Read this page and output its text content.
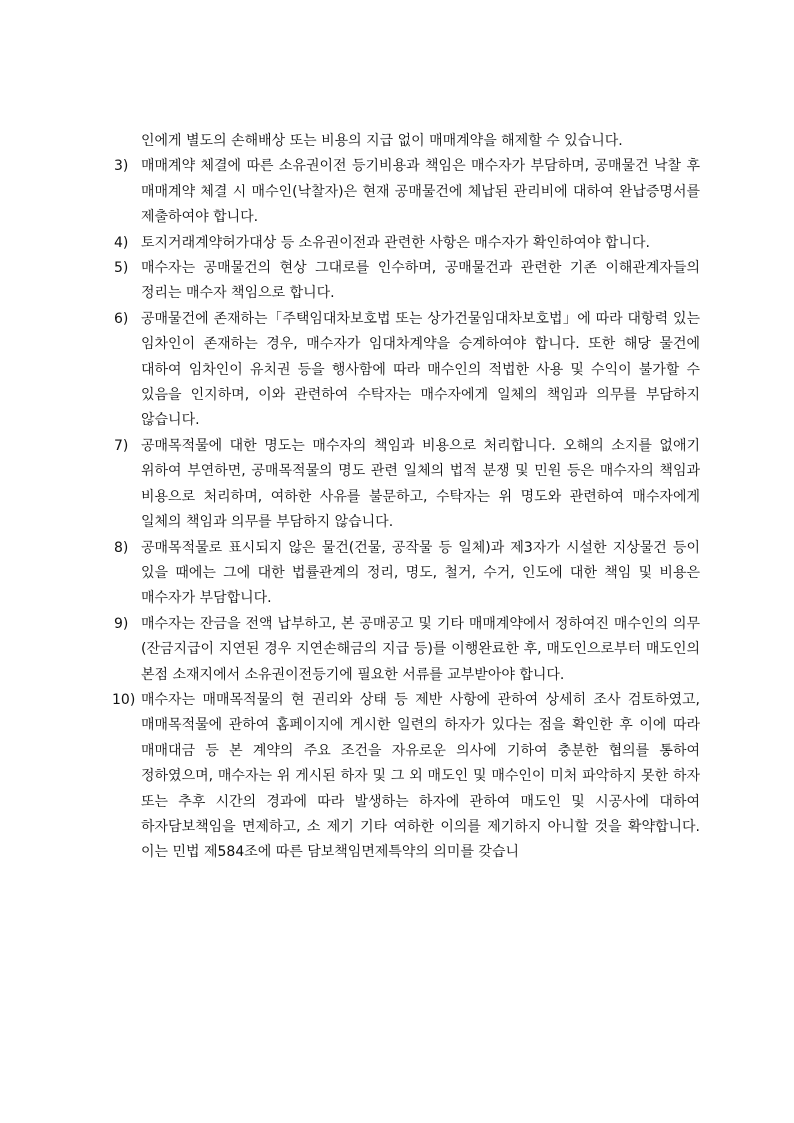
인에게 별도의 손해배상 또는 비용의 지급 없이 매매계약을 해제할 수 있습니다.
3) 매매계약 체결에 따른 소유권이전 등기비용과 책임은 매수자가 부담하며, 공매물건 낙찰 후 매매계약 체결 시 매수인(낙찰자)은 현재 공매물건에 체납된 관리비에 대하여 완납증명서를 제출하여야 합니다.
4) 토지거래계약허가대상 등 소유권이전과 관련한 사항은 매수자가 확인하여야 합니다.
5) 매수자는 공매물건의 현상 그대로를 인수하며, 공매물건과 관련한 기존 이해관계자들의 정리는 매수자 책임으로 합니다.
6) 공매물건에 존재하는「주택임대차보호법 또는 상가건물임대차보호법」에 따라 대항력 있는 임차인이 존재하는 경우, 매수자가 임대차계약을 승계하여야 합니다. 또한 해당 물건에 대하여 임차인이 유치권 등을 행사함에 따라 매수인의 적법한 사용 및 수익이 불가할 수 있음을 인지하며, 이와 관련하여 수탁자는 매수자에게 일체의 책임과 의무를 부담하지 않습니다.
7) 공매목적물에 대한 명도는 매수자의 책임과 비용으로 처리합니다. 오해의 소지를 없애기 위하여 부연하면, 공매목적물의 명도 관련 일체의 법적 분쟁 및 민원 등은 매수자의 책임과 비용으로 처리하며, 여하한 사유를 불문하고, 수탁자는 위 명도와 관련하여 매수자에게 일체의 책임과 의무를 부담하지 않습니다.
8) 공매목적물로 표시되지 않은 물건(건물, 공작물 등 일체)과 제3자가 시설한 지상물건 등이 있을 때에는 그에 대한 법률관계의 정리, 명도, 철거, 수거, 인도에 대한 책임 및 비용은 매수자가 부담합니다.
9) 매수자는 잔금을 전액 납부하고, 본 공매공고 및 기타 매매계약에서 정하여진 매수인의 의무(잔금지급이 지연된 경우 지연손해금의 지급 등)를 이행완료한 후, 매도인으로부터 매도인의 본점 소재지에서 소유권이전등기에 필요한 서류를 교부받아야 합니다.
10) 매수자는 매매목적물의 현 권리와 상태 등 제반 사항에 관하여 상세히 조사 검토하였고, 매매목적물에 관하여 홈페이지에 게시한 일련의 하자가 있다는 점을 확인한 후 이에 따라 매매대금 등 본 계약의 주요 조건을 자유로운 의사에 기하여 충분한 협의를 통하여 정하였으며, 매수자는 위 게시된 하자 및 그 외 매도인 및 매수인이 미처 파악하지 못한 하자 또는 추후 시간의 경과에 따라 발생하는 하자에 관하여 매도인 및 시공사에 대하여 하자담보책임을 면제하고, 소 제기 기타 여하한 이의를 제기하지 아니할 것을 확약합니다. 이는 민법 제584조에 따른 담보책임면제특약의 의미를 갖습니
